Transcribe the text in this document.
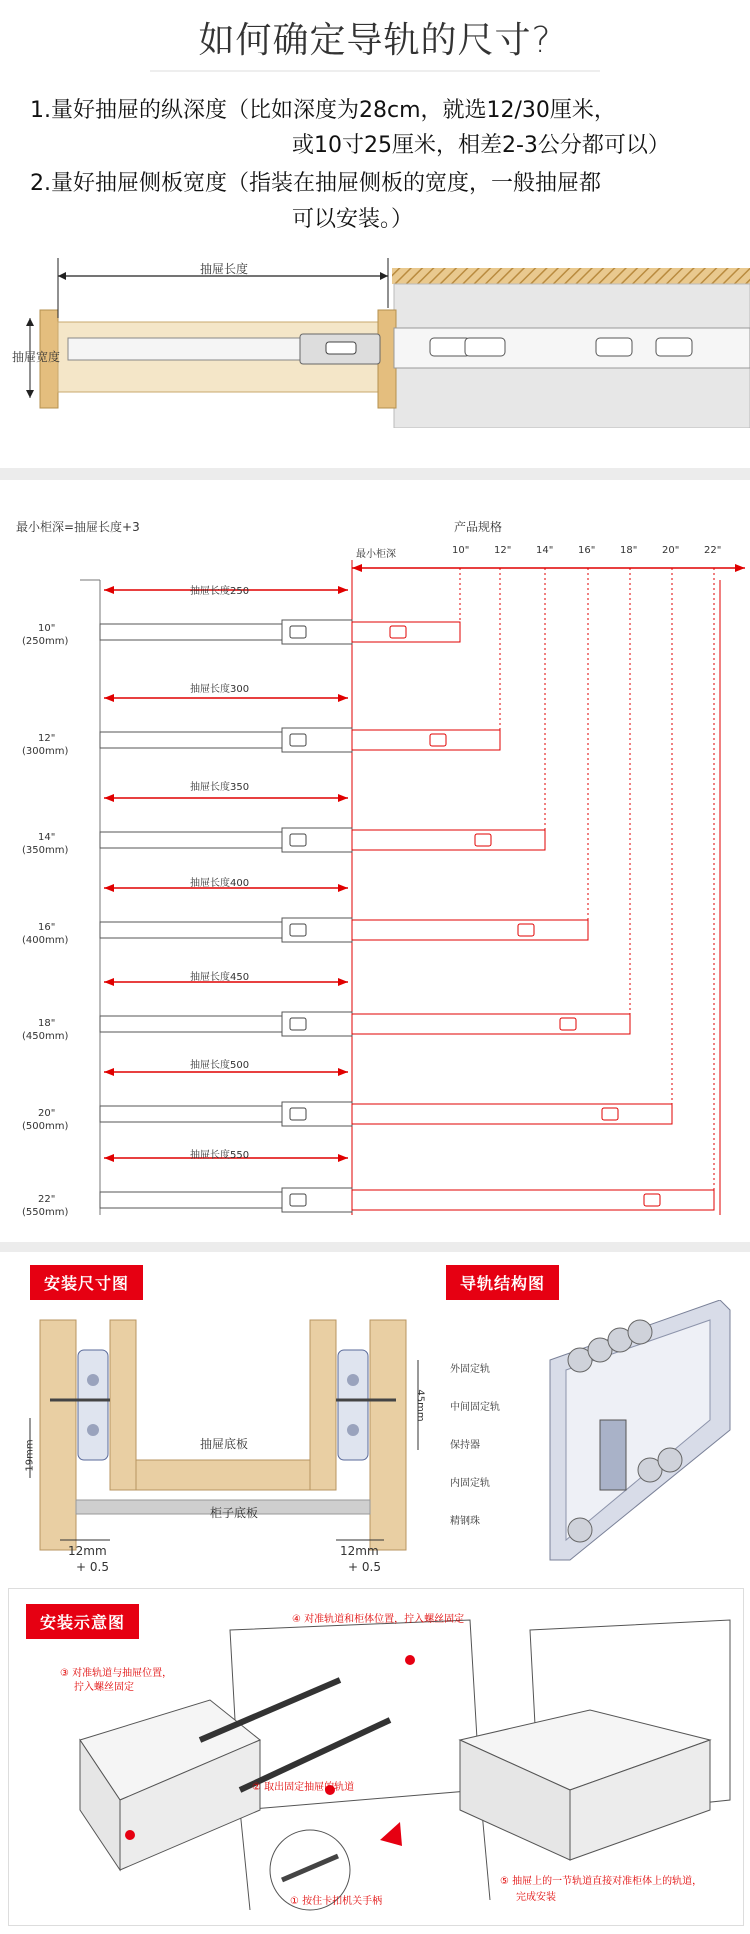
如何确定导轨的尺寸?
1.量好抽屉的纵深度（比如深度为28cm，就选12/30厘米，
或10寸25厘米，相差2-3公分都可以）
2.量好抽屉侧板宽度（指装在抽屉侧板的宽度，一般抽屉都
可以安装。）
抽屉长度
抽屉宽度
最小柜深=抽屉长度+3	产品规格
最小柜深	10" 12" 14" 16" 18" 20" 22"
10"
(250mm)
抽屉长度250
12"
(300mm)
抽屉长度300
14"
(350mm)
抽屉长度350
16"
(400mm)
抽屉长度400
18"
(450mm)
抽屉长度450
20"
(500mm)
抽屉长度500
22"
(550mm)
抽屉长度550
安装尺寸图
抽屉底板
柜子底板
19mm
45mm
12mm
+ 0.5
12mm
+ 0.5
导轨结构图
外固定轨
中间固定轨
保持器
内固定轨
精钢珠
安装示意图	④ 对准轨道和柜体位置，拧入螺丝固定
③ 对准轨道与抽屉位置，
拧入螺丝固定
② 取出固定抽屉的轨道
① 按住卡扣机关手柄
⑤ 抽屉上的一节轨道直接对准柜体上的轨道，
完成安装
